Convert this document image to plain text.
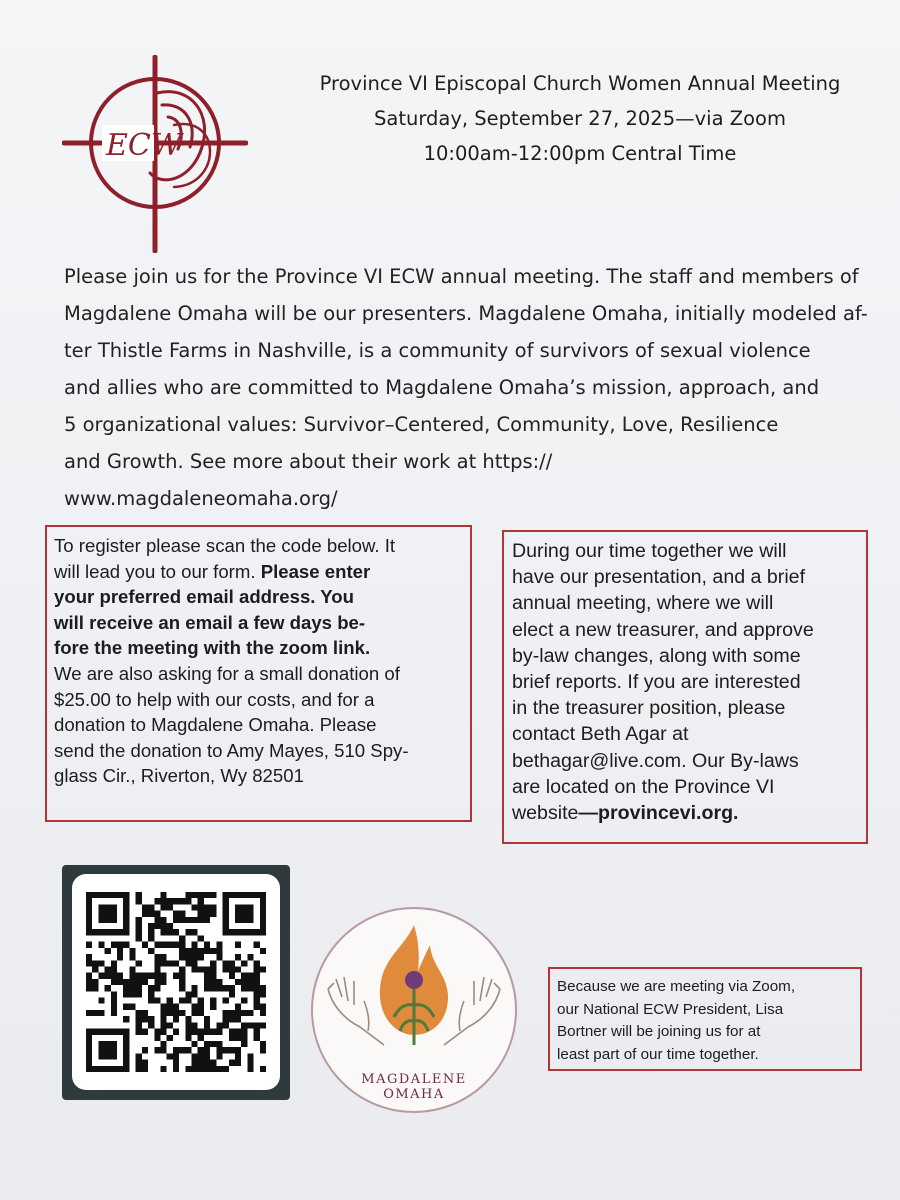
ECW
Province VI Episcopal Church Women Annual Meeting
Saturday, September 27, 2025—via Zoom
10:00am-12:00pm Central Time
Please join us for the Province VI ECW annual meeting. The staff and members of
Magdalene Omaha will be our presenters. Magdalene Omaha, initially modeled af-
ter Thistle Farms in Nashville, is a community of survivors of sexual violence
and allies who are committed to Magdalene Omaha’s mission, approach, and
5 organizational values: Survivor–Centered, Community, Love, Resilience
and Growth. See more about their work at https://
www.magdaleneomaha.org/
To register please scan the code below. It
will lead you to our form. Please enter
your preferred email address. You
will receive an email a few days be-
fore the meeting with the zoom link.
We are also asking for a small donation of
$25.00 to help with our costs, and for a
donation to Magdalene Omaha. Please
send the donation to Amy Mayes, 510 Spy-
glass Cir., Riverton, Wy 82501
During our time together we will
have our presentation, and a brief
annual meeting, where we will
elect a new treasurer, and approve
by-law changes, along with some
brief reports. If you are interested
in the treasurer position, please
contact Beth Agar at
bethagar@live.com. Our By-laws
are located on the Province VI
website—provincevi.org.
MAGDALENE
OMAHA
Because we are meeting via Zoom,
our National ECW President, Lisa
Bortner will be joining us for at
least part of our time together.
